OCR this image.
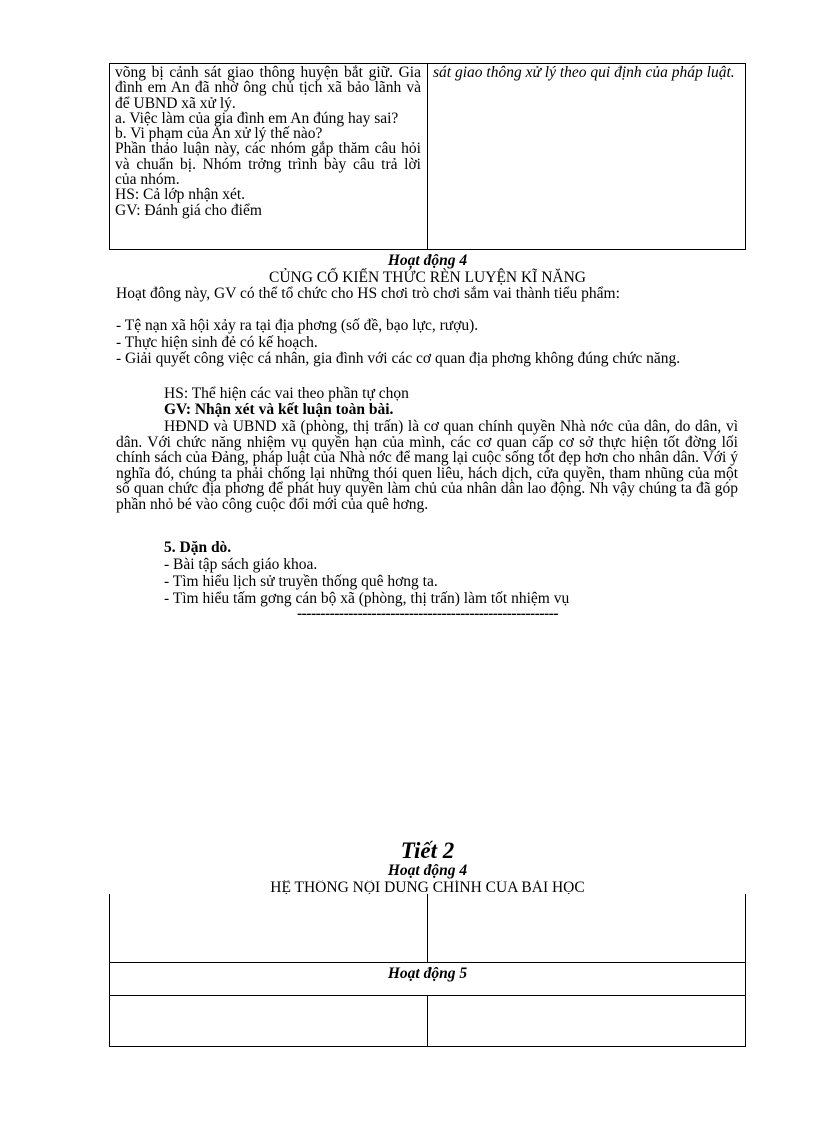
võng bị cảnh sát giao thông huyện bắt giữ. Gia đình em An đã nhờ ông chủ tịch xã bảo lãnh và để UBND xã xử lý.

a. Việc làm của gia đình em An đúng hay sai?

b. Vi phạm của An xử lý thế nào?

Phần thảo luận này, các nhóm gắp thăm câu hỏi và chuẩn bị. Nhóm trởng trình bày câu trả lời của nhóm.

HS: Cả lớp nhận xét.

GV: Đánh giá cho điểm

sát giao thông xử lý theo qui định của pháp luật.

Hoạt động 4
CỦNG CỐ KIẾN THỨC RÈN LUYỆN KĨ NĂNG
Hoạt đông này, GV có thể tổ chức cho HS chơi trò chơi sắm vai thành tiểu phẩm:
- Tệ nạn xã hội xảy ra tại địa phơng (số đề, bạo lực, rượu).
- Thực hiện sinh đẻ có kế hoạch.
- Giải quyết công việc cá nhân, gia đình với các cơ quan địa phơng không đúng chức năng.
HS: Thể hiện các vai theo phần tự chọn
GV: Nhận xét và kết luận toàn bài.
HĐND và UBND xã (phòng, thị trấn) là cơ quan chính quyền Nhà nớc của dân, do dân, vì dân. Với chức năng nhiệm vụ quyền hạn của mình, các cơ quan cấp cơ sở thực hiện tốt đờng lối chính sách của Đảng, pháp luật của Nhà nớc để mang lại cuộc sống tốt đẹp hơn cho nhân dân. Với ý nghĩa đó, chúng ta phải chống lại những thói quen liêu, hách dịch, cửa quyền, tham nhũng của một số quan chức địa phơng để phát huy quyền làm chủ của nhân dân lao động. Nh vậy chúng ta đã góp phần nhỏ bé vào công cuộc đổi mới của quê hơng.
5. Dặn dò.
- Bài tập sách giáo khoa.
- Tìm hiểu lịch sử truyền thống quê hơng ta.
- Tìm hiểu tấm gơng cán bộ xã (phòng, thị trấn) làm tốt nhiệm vụ
--------------------------------------------------------
Tiết 2
Hoạt động 4
HỆ THỐNG NỘI DUNG CHÍNH CỦA BÀI HỌC
Hoạt động 5
